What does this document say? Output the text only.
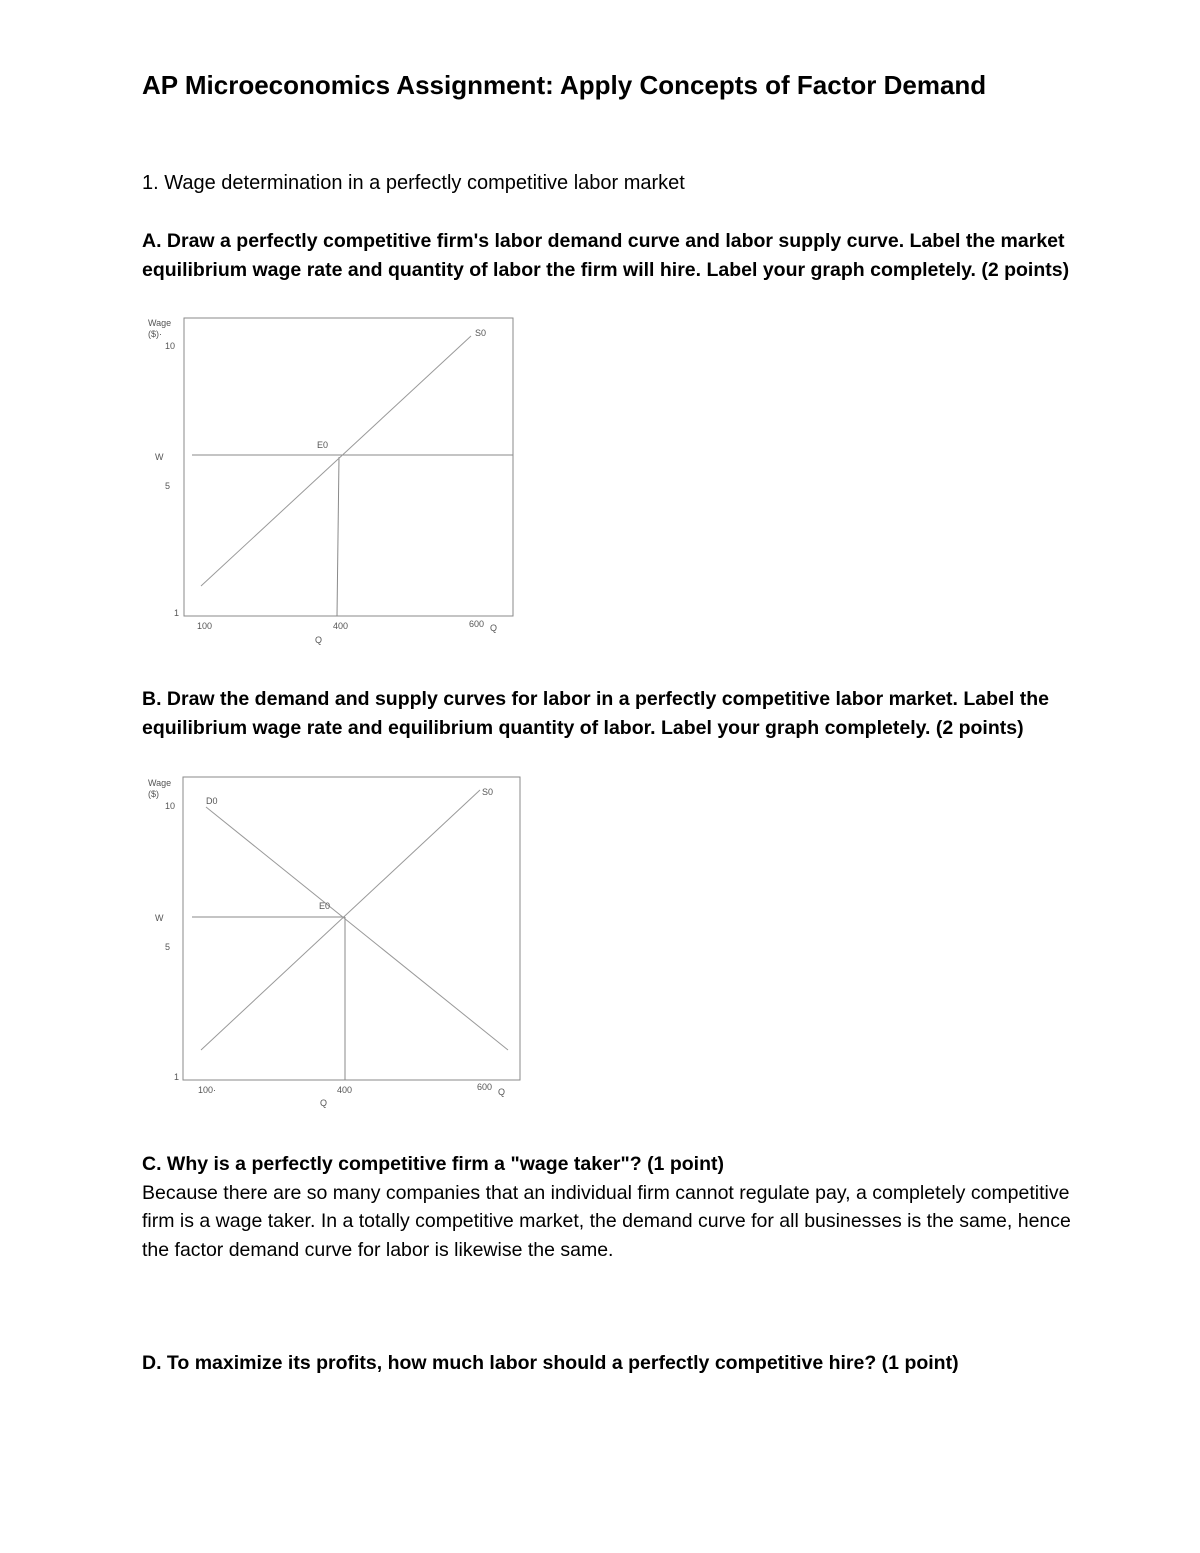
AP Microeconomics Assignment: Apply Concepts of Factor Demand

1. Wage determination in a perfectly competitive labor market

A. Draw a perfectly competitive firm's labor demand curve and labor supply curve. Label the market equilibrium wage rate and quantity of labor the firm will hire. Label your graph completely. (2 points)

Wage
($)·
10
W
5
1
100	400	600 Q
Q
S0
E0

B. Draw the demand and supply curves for labor in a perfectly competitive labor market. Label the equilibrium wage rate and equilibrium quantity of labor. Label your graph completely. (2 points)

Wage
($)
10
W
5
1
100·	400	600 Q
Q
S0
D0
E0
C. Why is a perfectly competitive firm a "wage taker"? (1 point)
Because there are so many companies that an individual firm cannot regulate pay, a completely competitive firm is a wage taker. In a totally competitive market, the demand curve for all businesses is the same, hence the factor demand curve for labor is likewise the same.

D. To maximize its profits, how much labor should a perfectly competitive hire? (1 point)
